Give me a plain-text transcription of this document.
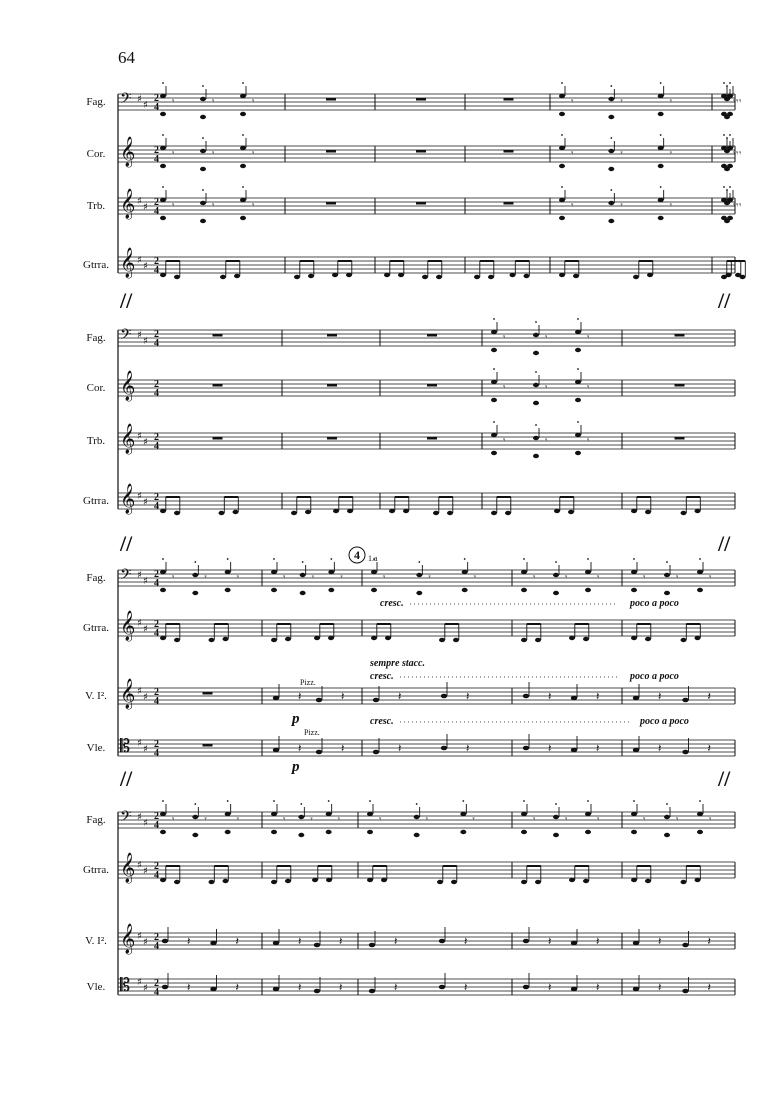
64
Fag. 𝄢 ♯
♯
2
4
Cor. 𝄞 2
4
Trb. 𝄞 ♯
♯ 2
4
Gtrra. 𝄞 ♯
♯ 2
4
𝄾	𝄾	𝄾	𝄾	𝄾	𝄾	𝄾 𝄾 𝄾
𝄾	𝄾	𝄾	𝄾	𝄾	𝄾	𝄾 𝄾 𝄾
𝄾	𝄾	𝄾	𝄾	𝄾	𝄾	𝄾 𝄾 𝄾
//	//
Fag. 𝄢 ♯
♯
2
4
Cor. 𝄞 2
4
Trb. 𝄞 ♯
♯ 2
4
Gtrra. 𝄞 ♯
♯ 2
4
𝄾	𝄾	𝄾
𝄾	𝄾	𝄾
𝄾	𝄾	𝄾
//	//
Fag. 𝄢 ♯
♯
2
4
Gtrra. 𝄞 ♯
♯ 2
4
V. I². 𝄞 ♯
♯ 2
4
Vle. 𝄡 ♯
♯ 2
4
𝄾	𝄾	𝄾	𝄾	𝄾	𝄾	𝄾	𝄾	𝄾	𝄾	𝄾	𝄾	𝄾	𝄾	𝄾
𝄽	𝄽	𝄽	𝄽	𝄽	𝄽	𝄽	𝄽
𝄽	𝄽	𝄽	𝄽	𝄽	𝄽	𝄽	𝄽
//	//
Fag. 𝄢 ♯
♯
2
4
Gtrra. 𝄞 ♯
♯ 2
4
V. I². 𝄞 ♯
♯ 2
4
Vle. 𝄡 ♯
♯ 2
4
𝄾	𝄾	𝄾	𝄾	𝄾	𝄾	𝄾	𝄾	𝄾	𝄾	𝄾	𝄾	𝄾	𝄾	𝄾
𝄽	𝄽	𝄽	𝄽	𝄽	𝄽	𝄽	𝄽	𝄽	𝄽
𝄽	𝄽	𝄽	𝄽	𝄽	𝄽	𝄽	𝄽	𝄽	𝄽
4 1.a
cresc.	poco a poco
sempre stacc.
cresc.	poco a poco
Pizz.
p	cresc.	poco a poco
Pizz.
p
